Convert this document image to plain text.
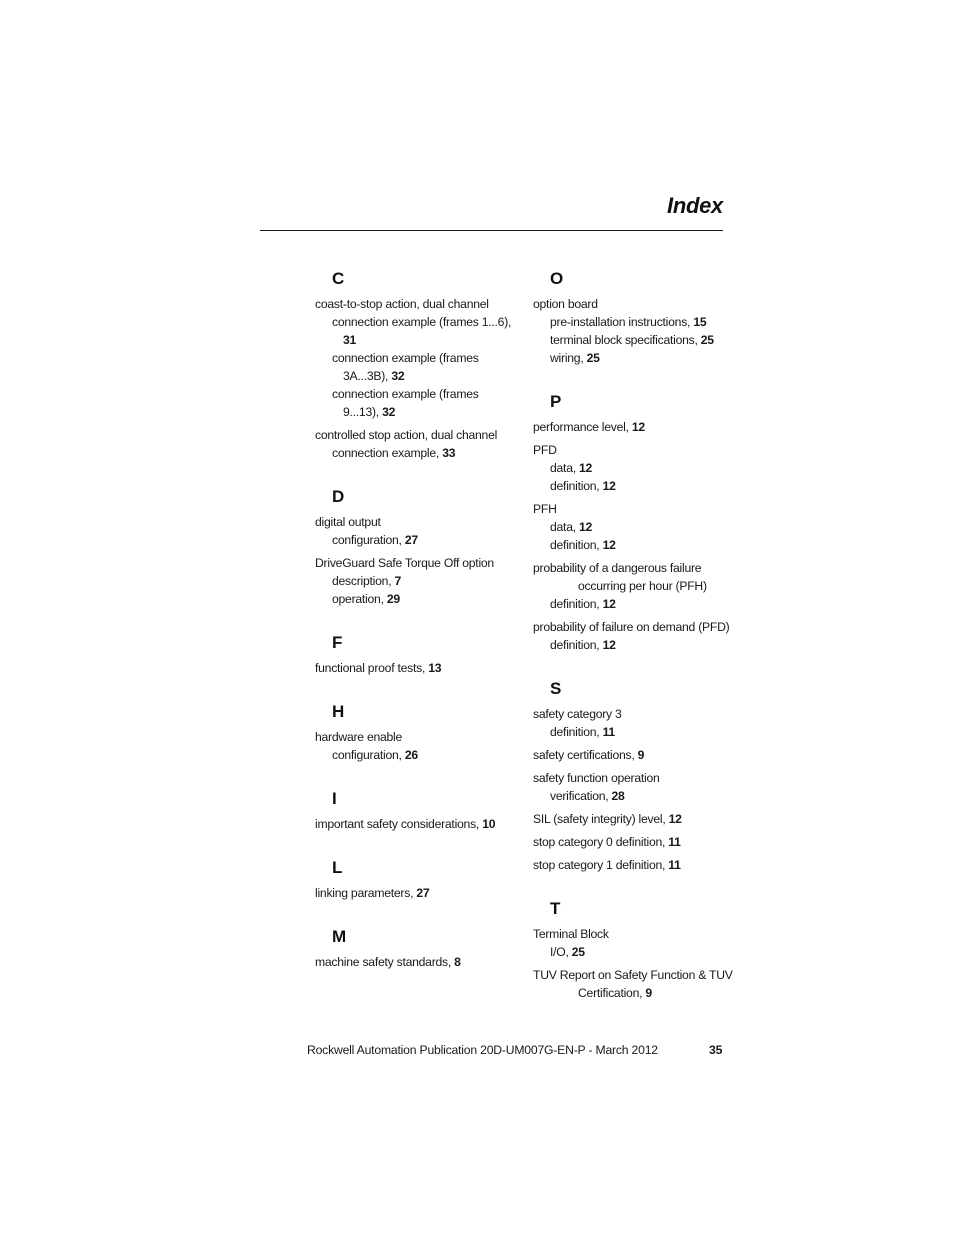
Index
C
coast-to-stop action, dual channel
connection example (frames 1...6),
31
connection example (frames
3A...3B), 32
connection example (frames
9...13), 32
controlled stop action, dual channel
connection example, 33
D
digital output
configuration, 27
DriveGuard Safe Torque Off option
description, 7
operation, 29
F
functional proof tests, 13
H
hardware enable
configuration, 26
I
important safety considerations, 10
L
linking parameters, 27
M
machine safety standards, 8
O
option board
pre-installation instructions, 15
terminal block specifications, 25
wiring, 25
P
performance level, 12
PFD
data, 12
definition, 12
PFH
data, 12
definition, 12
probability of a dangerous failure
occurring per hour (PFH)
definition, 12
probability of failure on demand (PFD)
definition, 12
S
safety category 3
definition, 11
safety certifications, 9
safety function operation
verification, 28
SIL (safety integrity) level, 12
stop category 0 definition, 11
stop category 1 definition, 11
T
Terminal Block
I/O, 25
TUV Report on Safety Function & TUV
Certification, 9
Rockwell Automation Publication 20D-UM007G-EN-P - March 2012	35
